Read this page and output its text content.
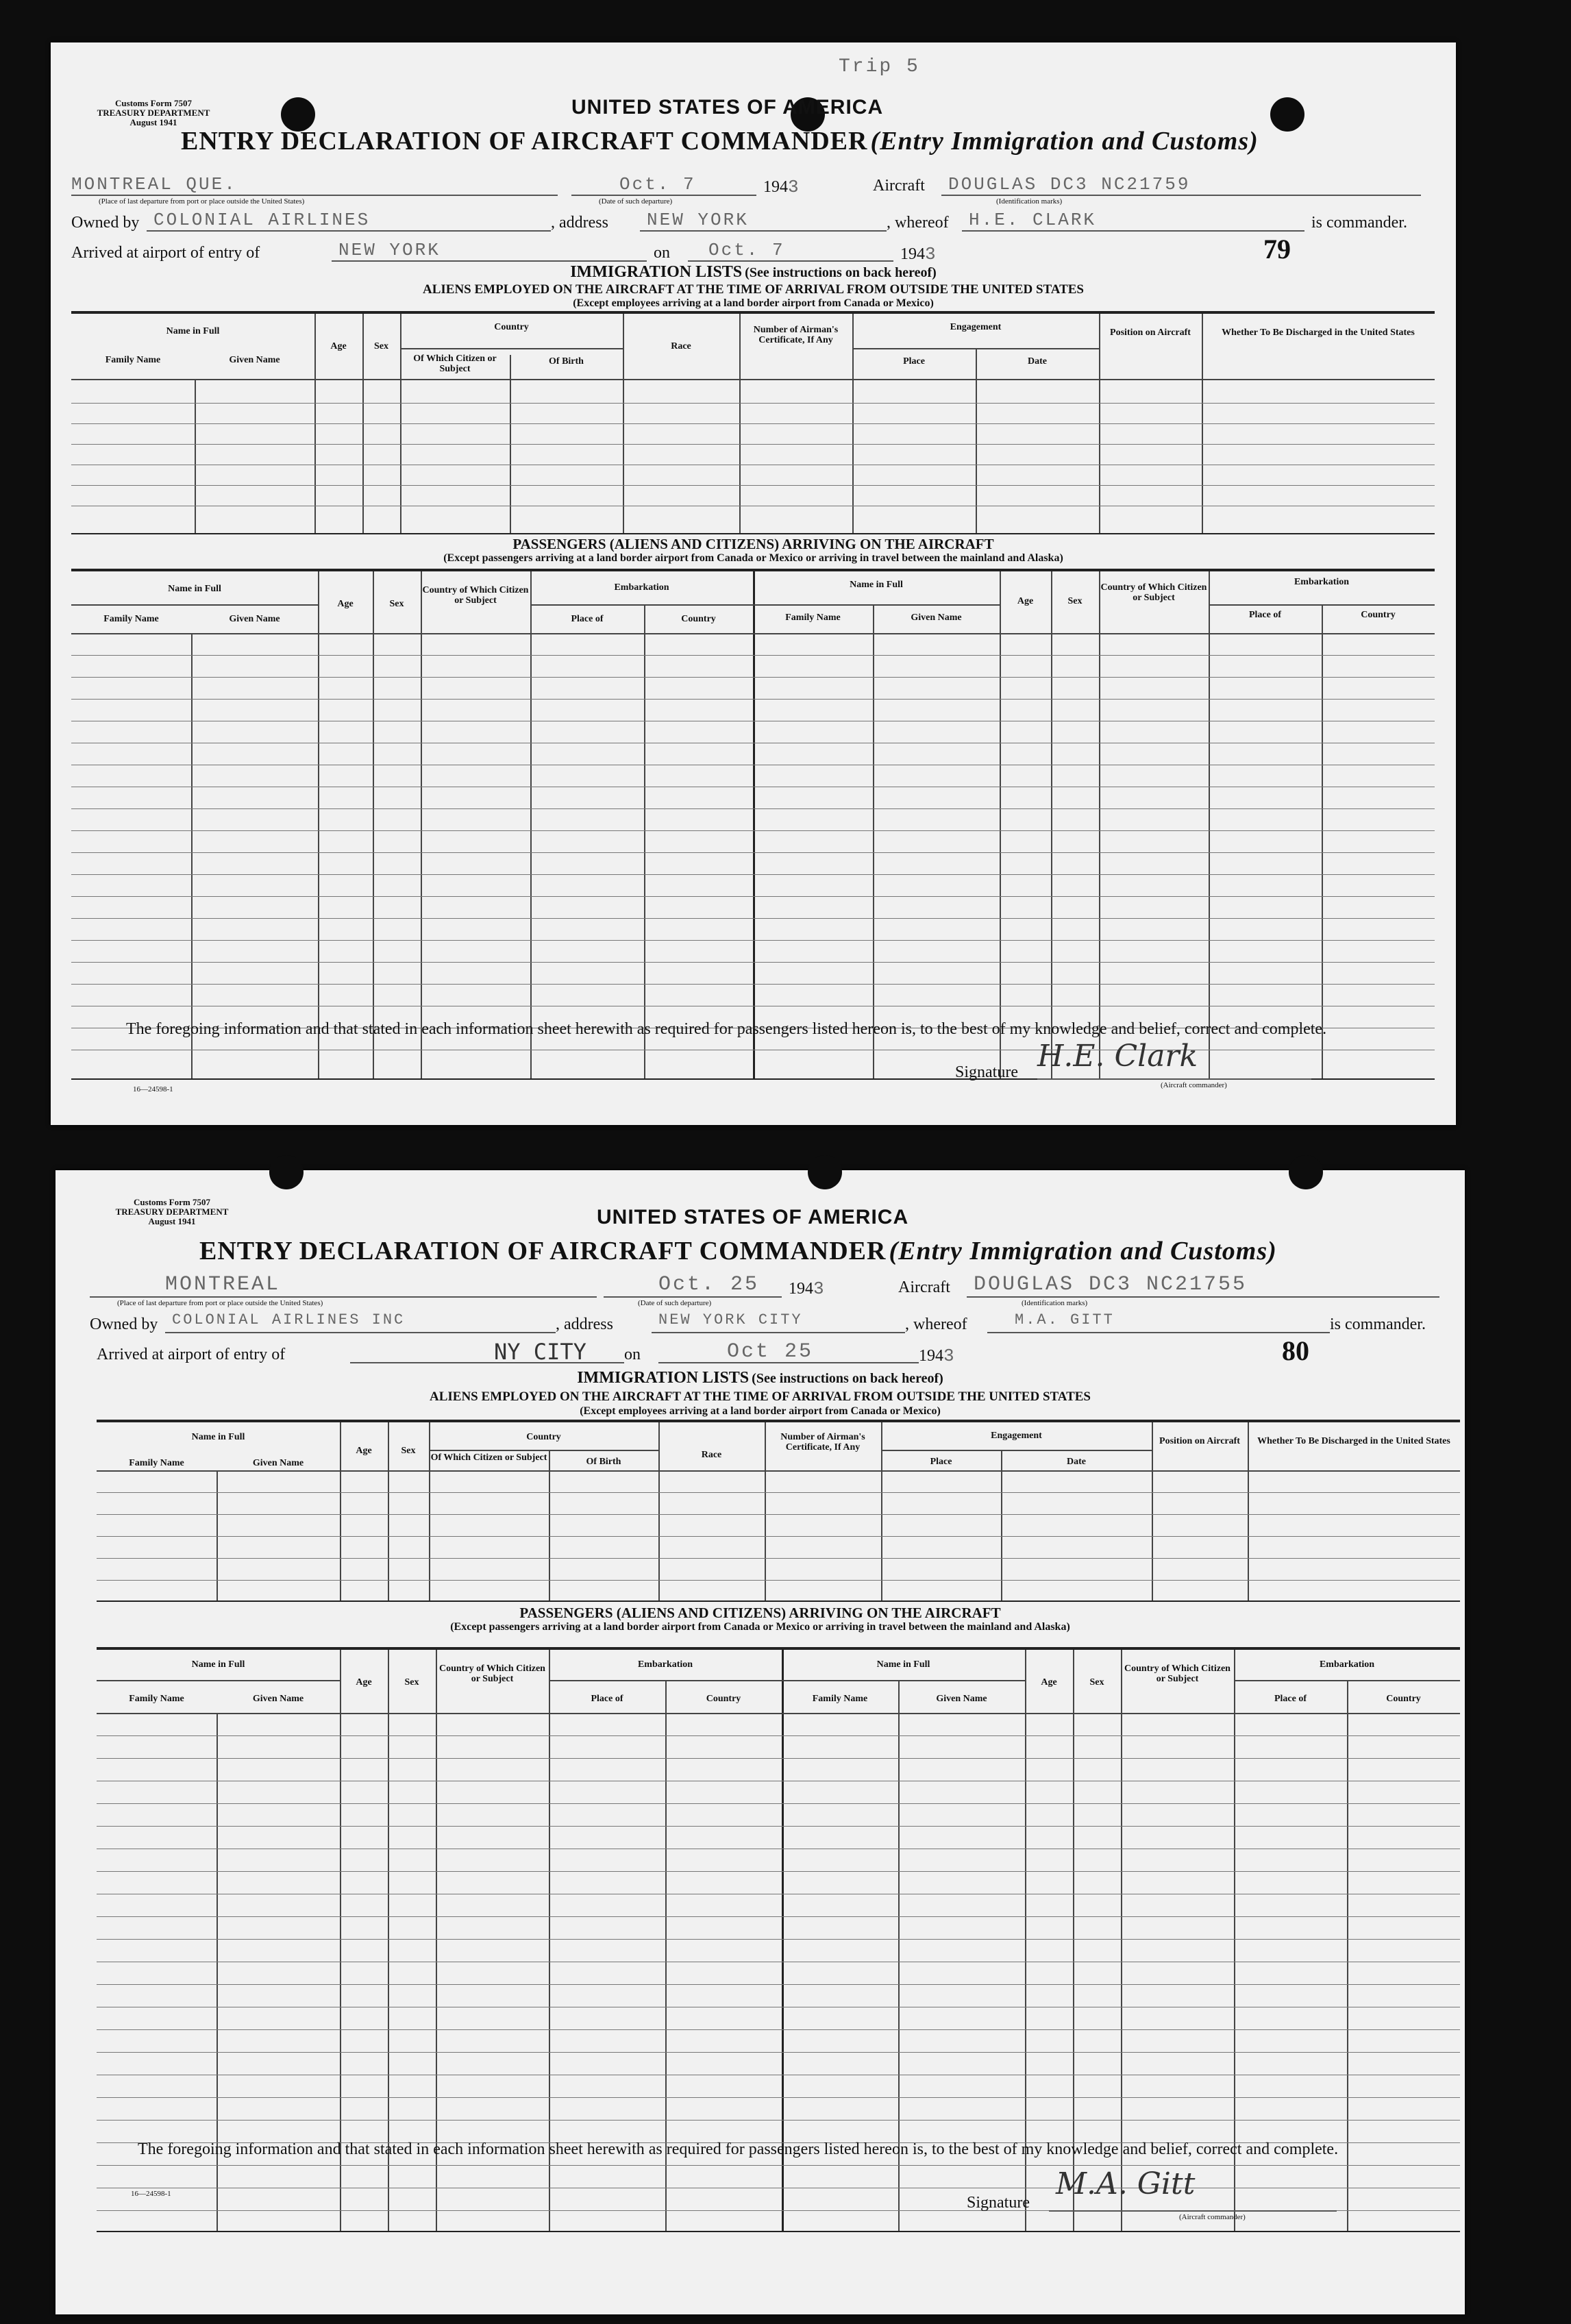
Customs Form 7507
TREASURY DEPARTMENT
August 1941
Trip 5
UNITED STATES OF AMERICA
ENTRY DECLARATION OF AIRCRAFT COMMANDER (Entry Immigration and Customs)
MONTREAL QUE.	Oct. 7	1943	Aircraft DOUGLAS DC3 NC21759
(Place of last departure from port or place outside the United States)	(Date of such departure)	(Identification marks)
Owned by COLONIAL AIRLINES	, address NEW YORK	, whereof H.E. CLARK	is commander.
Arrived at airport of entry of	NEW YORK	on Oct. 7	1943	79
IMMIGRATION LISTS (See instructions on back hereof)
ALIENS EMPLOYED ON THE AIRCRAFT AT THE TIME OF ARRIVAL FROM OUTSIDE THE UNITED STATES
(Except employees arriving at a land border airport from Canada or Mexico)
Name in Full
Family Name	Given Name
Age	Sex
Country
Of Which Citizen or Subject
Of Birth
Race
Number of Airman's Certificate, If Any
Engagement
Place	Date
Position on Aircraft	Whether To Be Discharged in the United States
PASSENGERS (ALIENS AND CITIZENS) ARRIVING ON THE AIRCRAFT
(Except passengers arriving at a land border airport from Canada or Mexico or arriving in travel between the mainland and Alaska)
Name in Full
Family Name	Given Name
Age	Sex
Country of Which Citizen or Subject
Embarkation
Place of	Country
Name in Full
Family Name	Given Name
Age	Sex
Country of Which Citizen or Subject
Embarkation
Place of	Country
The foregoing information and that stated in each information sheet herewith as required for passengers listed hereon is, to the best of my knowledge and belief, correct and complete.
Signature H.E. Clark
(Aircraft commander)
16—24598-1
Customs Form 7507
TREASURY DEPARTMENT
August 1941	UNITED STATES OF AMERICA
ENTRY DECLARATION OF AIRCRAFT COMMANDER (Entry Immigration and Customs)
MONTREAL	Oct. 25 1943	Aircraft DOUGLAS DC3 NC21755
(Place of last departure from port or place outside the United States)	(Date of such departure)	(Identification marks)
Owned by COLONIAL AIRLINES INC	, address	NEW YORK CITY	, whereof	M.A. GITT	is commander.
Arrived at airport of entry of	NY CITY on	Oct 25	1943	80
IMMIGRATION LISTS (See instructions on back hereof)
ALIENS EMPLOYED ON THE AIRCRAFT AT THE TIME OF ARRIVAL FROM OUTSIDE THE UNITED STATES
(Except employees arriving at a land border airport from Canada or Mexico)
Name in Full
Family Name	Given Name
Age	Sex
Country
Of Which Citizen or Subject	Of Birth
Race
Number of Airman's Certificate, If Any
Engagement
Place	Date
Position on Aircraft	Whether To Be Discharged in the United States
PASSENGERS (ALIENS AND CITIZENS) ARRIVING ON THE AIRCRAFT
(Except passengers arriving at a land border airport from Canada or Mexico or arriving in travel between the mainland and Alaska)
Name in Full
Family Name	Given Name
Age	Sex
Country of Which Citizen or Subject
Embarkation
Place of	Country
Name in Full
Family Name	Given Name
Age	Sex
Country of Which Citizen or Subject
Embarkation
Place of	Country
The foregoing information and that stated in each information sheet herewith as required for passengers listed hereon is, to the best of my knowledge and belief, correct and complete.
Signature
M.A. Gitt
(Aircraft commander)
16—24598-1
